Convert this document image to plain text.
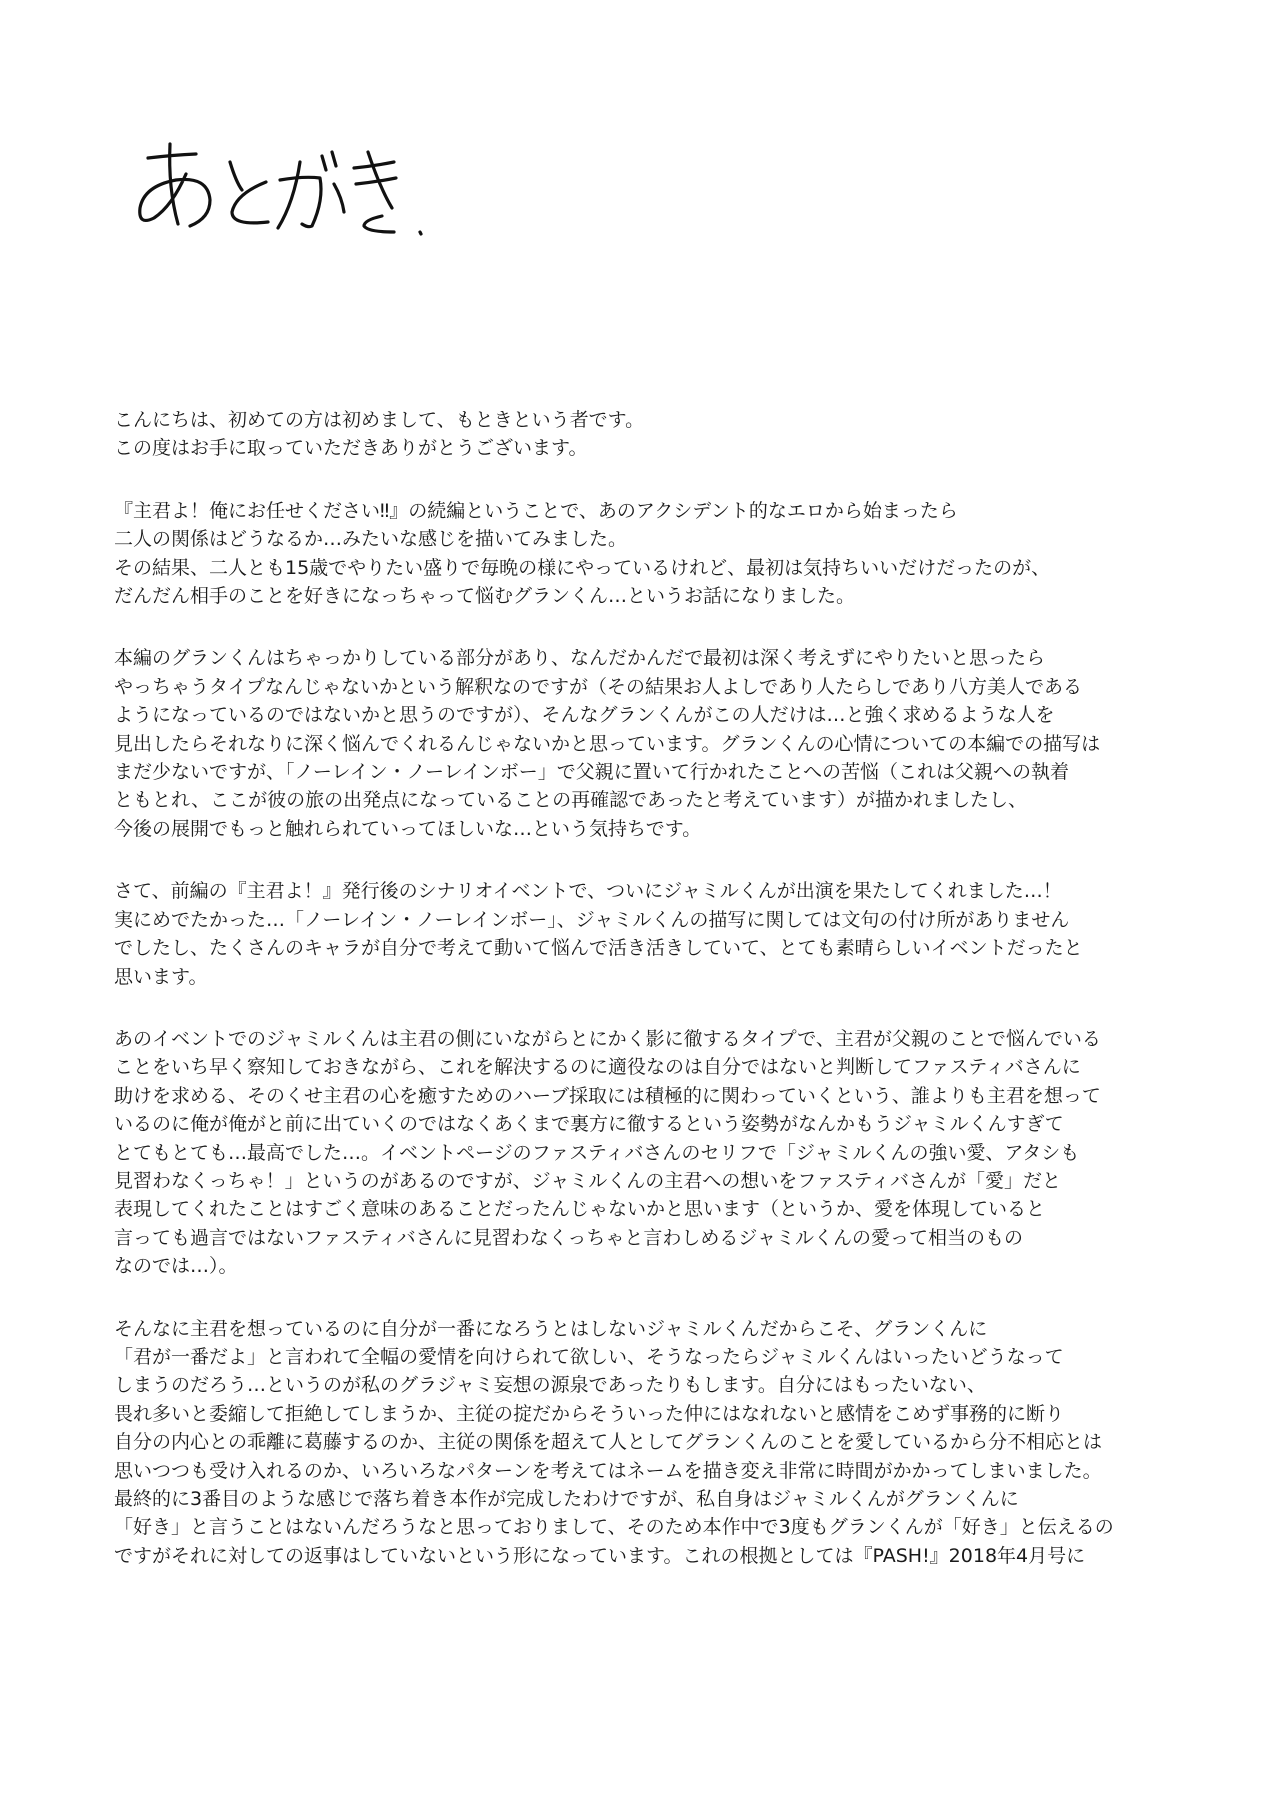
こんにちは、初めての方は初めまして、もときという者です。
この度はお手に取っていただきありがとうございます。
『主君よ！俺にお任せください‼』の続編ということで、あのアクシデント的なエロから始まったら
二人の関係はどうなるか…みたいな感じを描いてみました。
その結果、二人とも15歳でやりたい盛りで毎晩の様にやっているけれど、最初は気持ちいいだけだったのが、
だんだん相手のことを好きになっちゃって悩むグランくん…というお話になりました。
本編のグランくんはちゃっかりしている部分があり、なんだかんだで最初は深く考えずにやりたいと思ったら
やっちゃうタイプなんじゃないかという解釈なのですが（その結果お人よしであり人たらしであり八方美人である
ようになっているのではないかと思うのですが）、そんなグランくんがこの人だけは…と強く求めるような人を
見出したらそれなりに深く悩んでくれるんじゃないかと思っています。グランくんの心情についての本編での描写は
まだ少ないですが、「ノーレイン・ノーレインボー」で父親に置いて行かれたことへの苦悩（これは父親への執着
ともとれ、ここが彼の旅の出発点になっていることの再確認であったと考えています）が描かれましたし、
今後の展開でもっと触れられていってほしいな…という気持ちです。
さて、前編の『主君よ！』発行後のシナリオイベントで、ついにジャミルくんが出演を果たしてくれました…！
実にめでたかった…「ノーレイン・ノーレインボー」、ジャミルくんの描写に関しては文句の付け所がありません
でしたし、たくさんのキャラが自分で考えて動いて悩んで活き活きしていて、とても素晴らしいイベントだったと
思います。
あのイベントでのジャミルくんは主君の側にいながらとにかく影に徹するタイプで、主君が父親のことで悩んでいる
ことをいち早く察知しておきながら、これを解決するのに適役なのは自分ではないと判断してファスティバさんに
助けを求める、そのくせ主君の心を癒すためのハーブ採取には積極的に関わっていくという、誰よりも主君を想って
いるのに俺が俺がと前に出ていくのではなくあくまで裏方に徹するという姿勢がなんかもうジャミルくんすぎて
とてもとても…最高でした…。イベントページのファスティバさんのセリフで「ジャミルくんの強い愛、アタシも
見習わなくっちゃ！」というのがあるのですが、ジャミルくんの主君への想いをファスティバさんが「愛」だと
表現してくれたことはすごく意味のあることだったんじゃないかと思います（というか、愛を体現していると
言っても過言ではないファスティバさんに見習わなくっちゃと言わしめるジャミルくんの愛って相当のもの
なのでは…）。
そんなに主君を想っているのに自分が一番になろうとはしないジャミルくんだからこそ、グランくんに
「君が一番だよ」と言われて全幅の愛情を向けられて欲しい、そうなったらジャミルくんはいったいどうなって
しまうのだろう…というのが私のグラジャミ妄想の源泉であったりもします。自分にはもったいない、
畏れ多いと委縮して拒絶してしまうか、主従の掟だからそういった仲にはなれないと感情をこめず事務的に断り
自分の内心との乖離に葛藤するのか、主従の関係を超えて人としてグランくんのことを愛しているから分不相応とは
思いつつも受け入れるのか、いろいろなパターンを考えてはネームを描き変え非常に時間がかかってしまいました。
最終的に3番目のような感じで落ち着き本作が完成したわけですが、私自身はジャミルくんがグランくんに
「好き」と言うことはないんだろうなと思っておりまして、そのため本作中で3度もグランくんが「好き」と伝えるの
ですがそれに対しての返事はしていないという形になっています。これの根拠としては『PASH!』2018年4月号に
